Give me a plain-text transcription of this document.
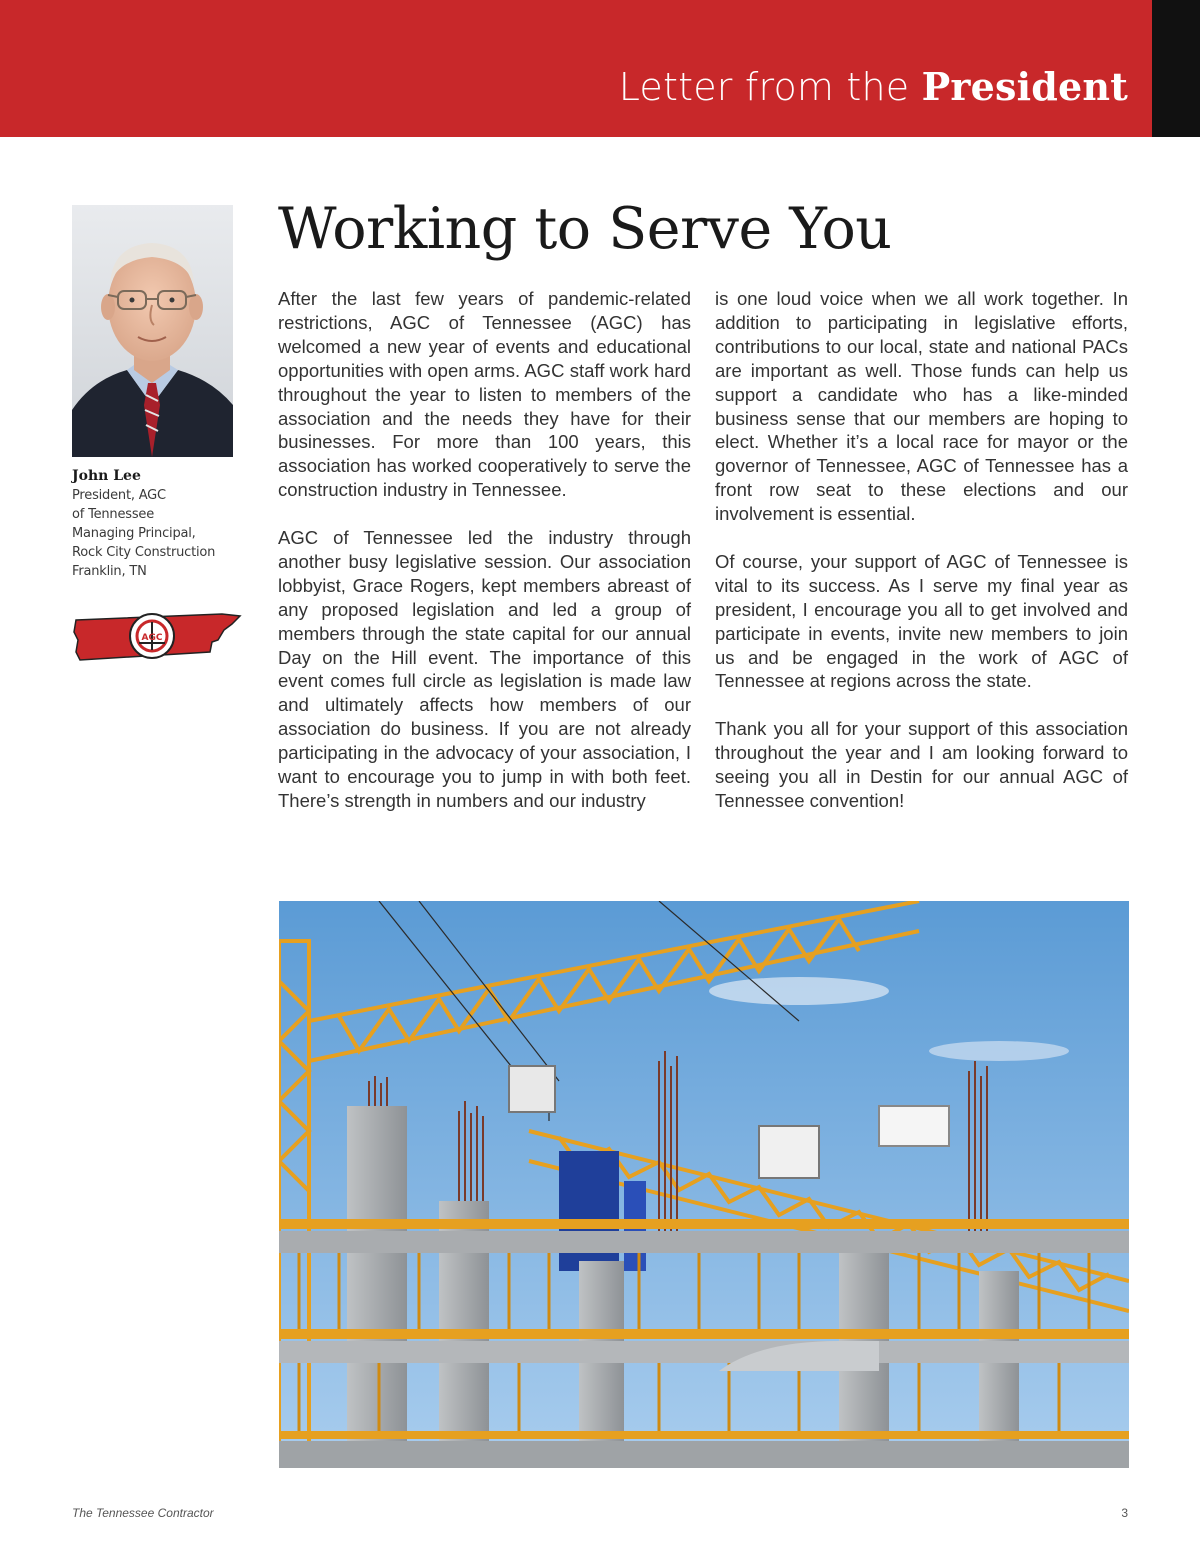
Letter from the President
John Lee
President, AGC
of Tennessee
Managing Principal,
Rock City Construction
Franklin, TN
AGC
Working to Serve You

After the last few years of pandemic-related restrictions, AGC of Tennessee (AGC) has welcomed a new year of events and educational opportunities with open arms. AGC staff work hard throughout the year to listen to members of the association and the needs they have for their businesses. For more than 100 years, this association has worked cooperatively to serve the construction industry in Tennessee.

AGC of Tennessee led the industry through another busy legislative session. Our association lobbyist, Grace Rogers, kept members abreast of any proposed legislation and led a group of members through the state capital for our annual Day on the Hill event. The importance of this event comes full circle as legislation is made law and ultimately affects how members of our association do business. If you are not already participating in the advocacy of your association, I want to encourage you to jump in with both feet. There’s strength in numbers and our industry

is one loud voice when we all work together. In addition to participating in legislative efforts, contributions to our local, state and national PACs are important as well. Those funds can help us support a candidate who has a like-minded business sense that our members are hoping to elect. Whether it’s a local race for mayor or the governor of Tennessee, AGC of Tennessee has a front row seat to these elections and our involvement is essential.

Of course, your support of AGC of Tennessee is vital to its success. As I serve my final year as president, I encourage you all to get involved and participate in events, invite new members to join us and be engaged in the work of AGC of Tennessee at regions across the state.

Thank you all for your support of this association throughout the year and I am looking forward to seeing you all in Destin for our annual AGC of Tennessee convention!

The Tennessee Contractor	3
